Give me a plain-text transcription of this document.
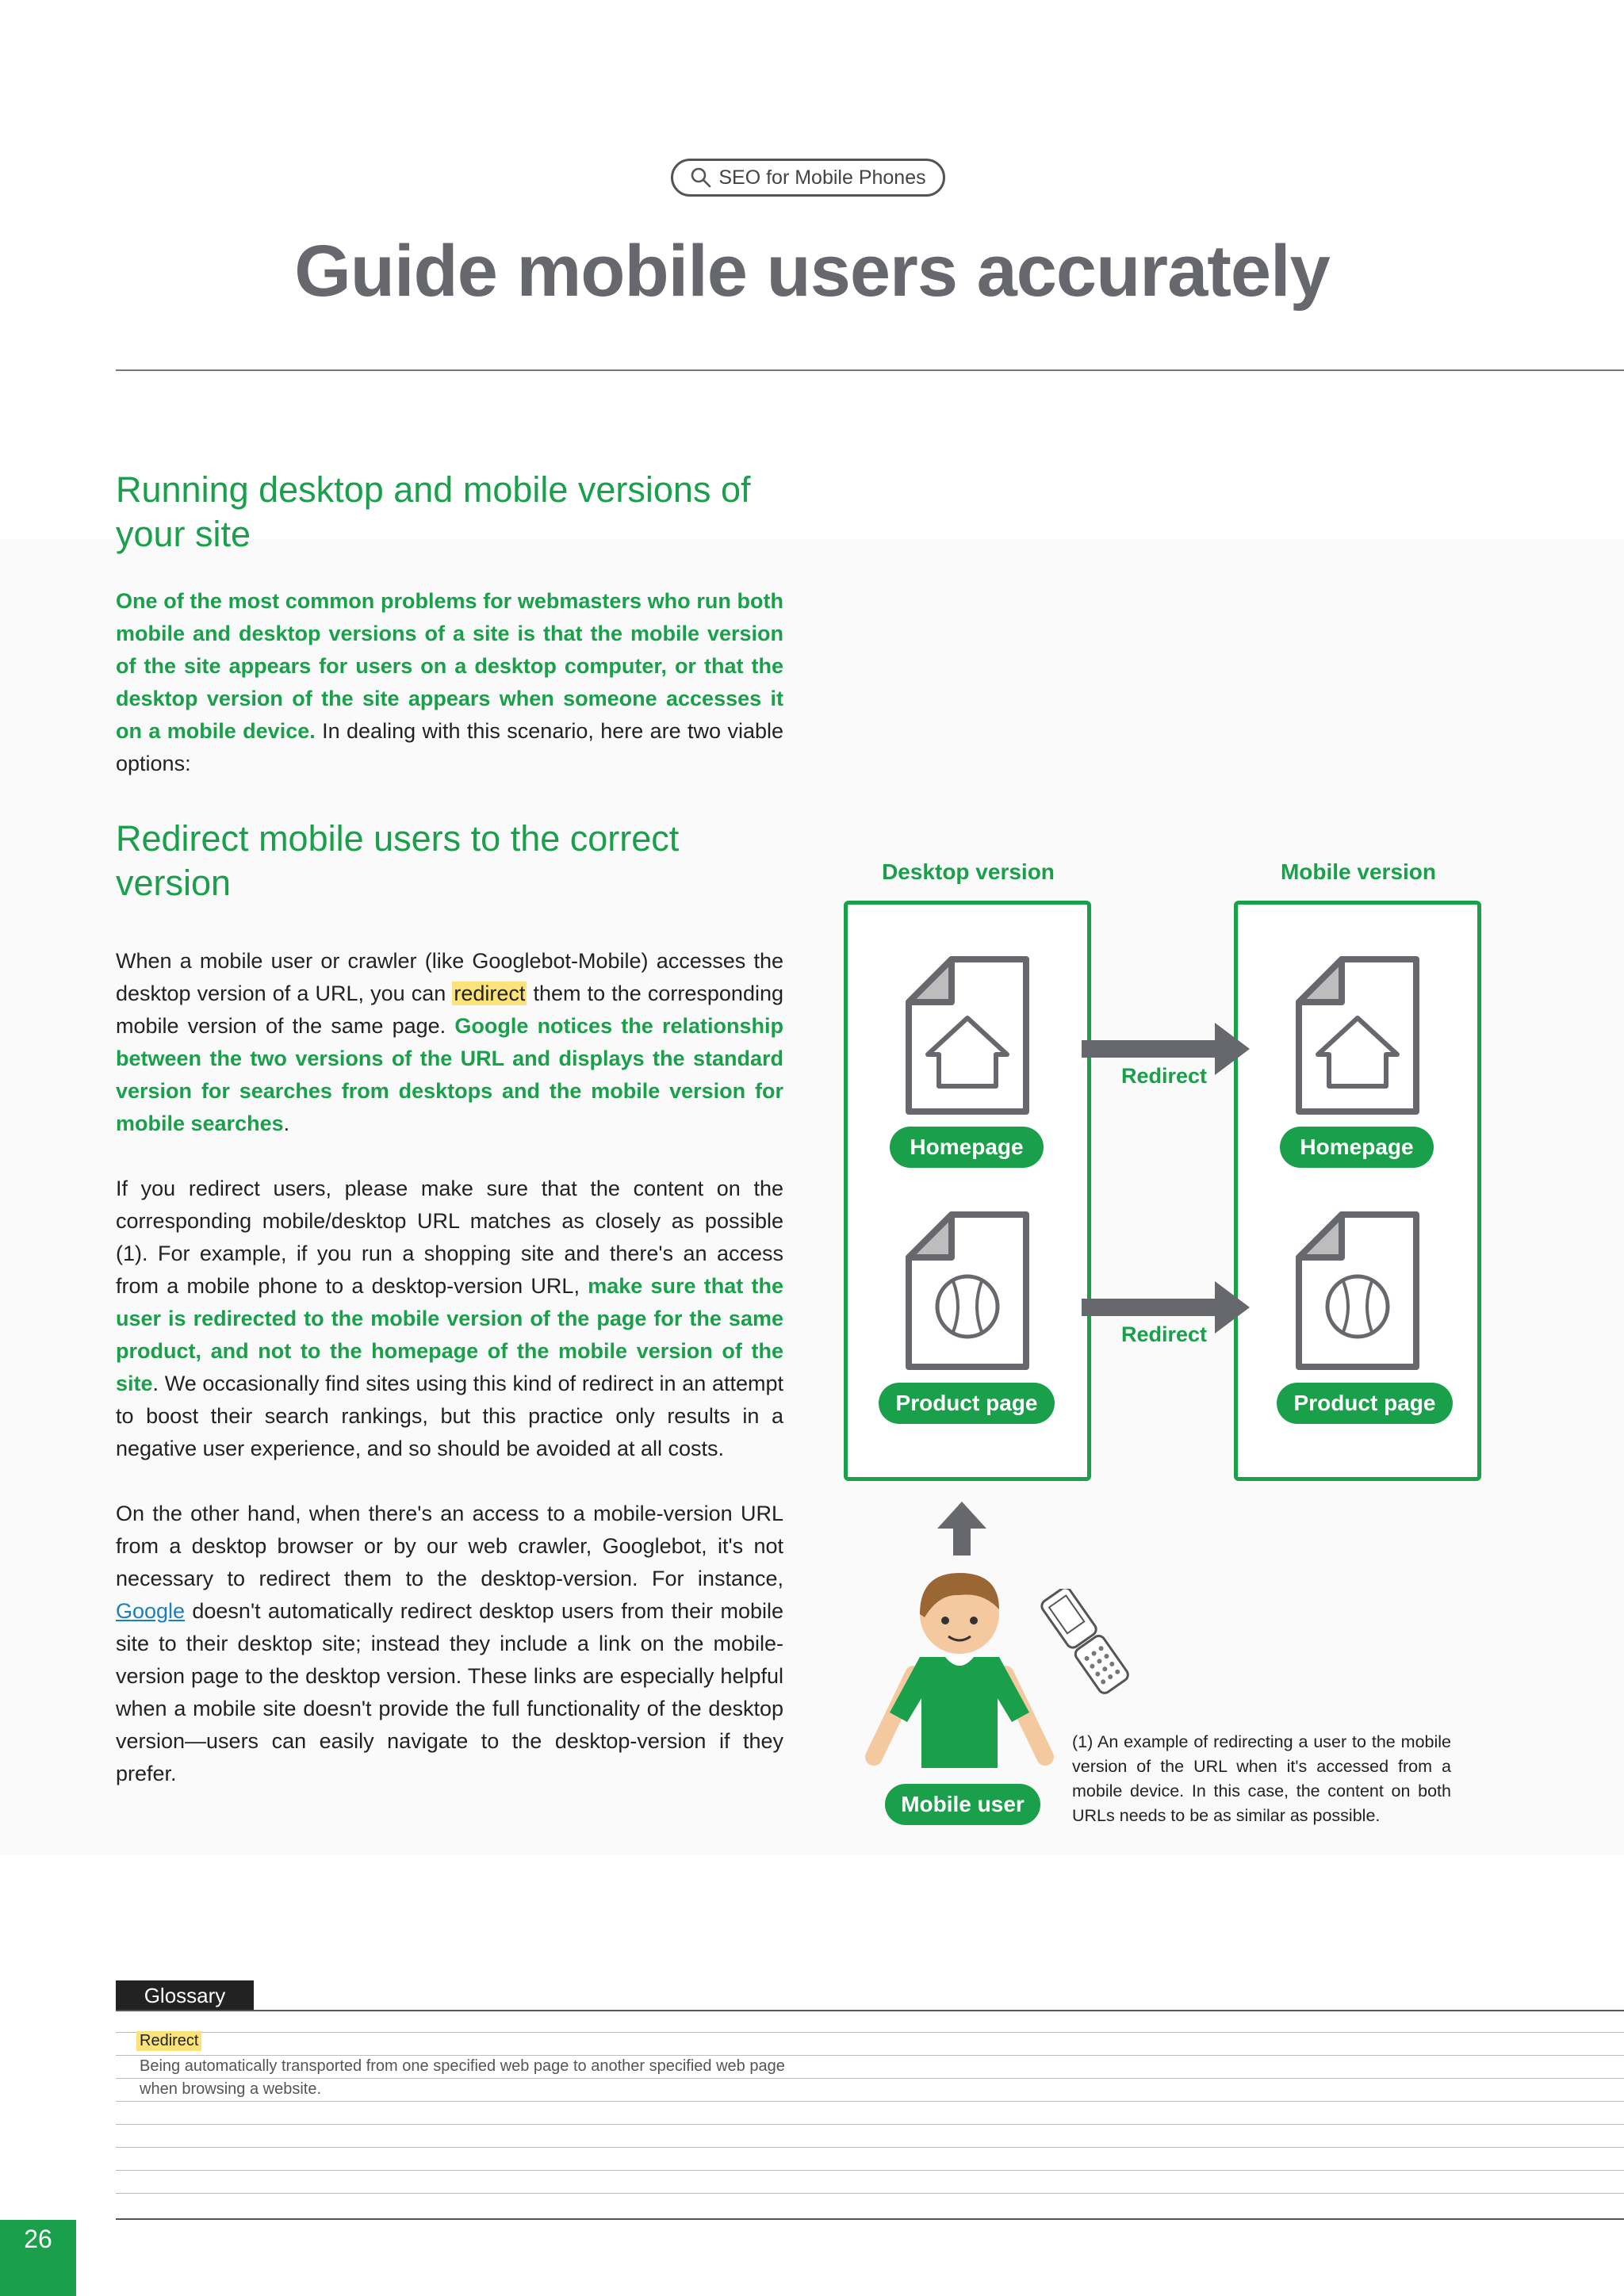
SEO for Mobile Phones
Guide mobile users accurately
Running desktop and mobile versions of
your site

One of the most common problems for webmasters who run both mobile and desktop versions of a site is that the mobile version of the site appears for users on a desktop computer, or that the desktop version of the site appears when someone accesses it on a mobile device. In dealing with this scenario, here are two viable options:

Redirect mobile users to the correct
version

When a mobile user or crawler (like Googlebot-Mobile) accesses the desktop version of a URL, you can redirect them to the corresponding mobile version of the same page. Google notices the relationship between the two versions of the URL and displays the standard version for searches from desktops and the mobile version for mobile searches.

If you redirect users, please make sure that the content on the corresponding mobile/desktop URL matches as closely as possible (1). For example, if you run a shopping site and there's an access from a mobile phone to a desktop-version URL, make sure that the user is redirected to the mobile version of the page for the same product, and not to the homepage of the mobile version of the site. We occasionally find sites using this kind of redirect in an attempt to boost their search rankings, but this practice only results in a negative user experience, and so should be avoided at all costs.

On the other hand, when there's an access to a mobile-version URL from a desktop browser or by our web crawler, Googlebot, it's not necessary to redirect them to the desktop-version. For instance, Google doesn't automatically redirect desktop users from their mobile site to their desktop site; instead they include a link on the mobile-version page to the desktop version. These links are especially helpful when a mobile site doesn't provide the full functionality of the desktop version—users can easily navigate to the desktop-version if they prefer.

Desktop version	Mobile version
Homepage	Homepage
Product page	Product page
Redirect
Redirect
Mobile user
(1) An example of redirecting a user to the mobile version of the URL when it's accessed from a mobile device. In this case, the content on both URLs needs to be as similar as possible.
Glossary
Redirect
Being automatically transported from one specified web page to another specified web page when browsing a website.
26
